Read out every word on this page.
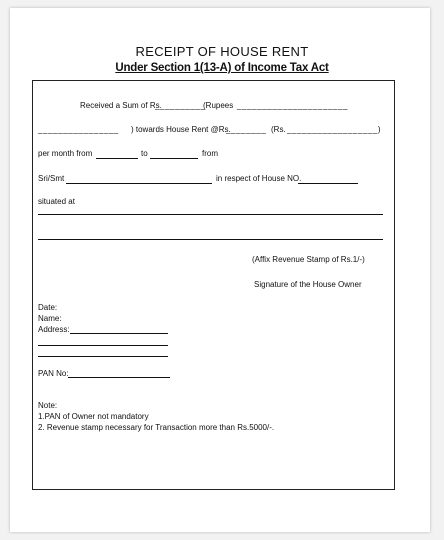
RECEIPT OF HOUSE RENT
Under Section 1(13-A) of Income Tax Act
Received a Sum of Rs.
__________
(Rupees ______________________
________________ ) towards House Rent @Rs.
________ (Rs. __________________)
per month from	to	from
Sri/Smt	in respect of House NO.
situated at
(Affix Revenue Stamp of Rs.1/-)
Signature of the House Owner
Date:
Name:
Address:
PAN No:
Note:
1.PAN of Owner not mandatory
2. Revenue stamp necessary for Transaction more than Rs.5000/-.
